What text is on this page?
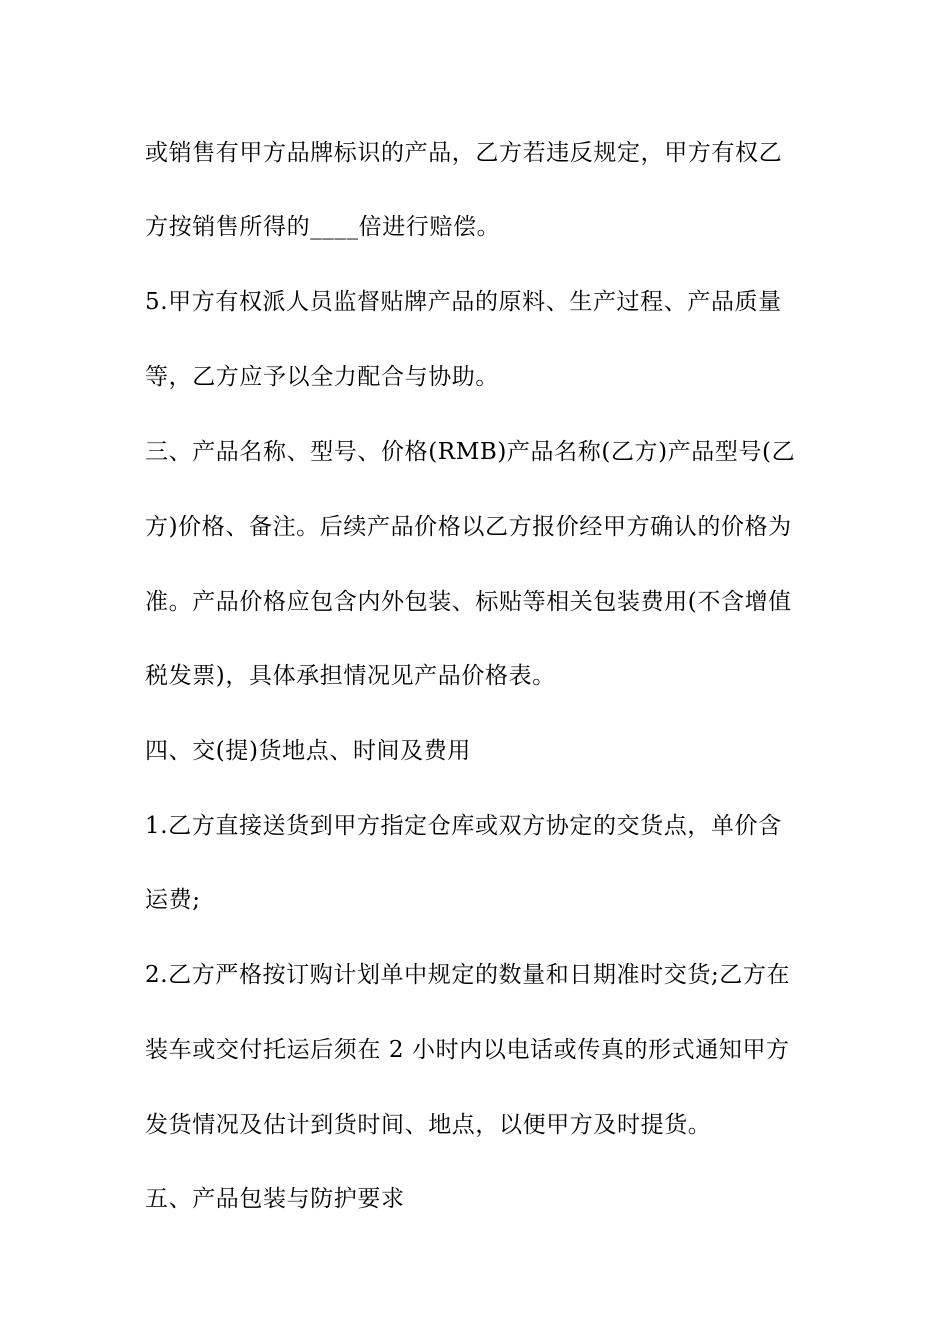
或销售有甲方品牌标识的产品，乙方若违反规定，甲方有权乙
方按销售所得的____倍进行赔偿。
5.甲方有权派人员监督贴牌产品的原料、生产过程、产品质量
等，乙方应予以全力配合与协助。
三、产品名称、型号、价格(RMB)产品名称(乙方)产品型号(乙
方)价格、备注。后续产品价格以乙方报价经甲方确认的价格为
准。产品价格应包含内外包装、标贴等相关包装费用(不含增值
税发票)，具体承担情况见产品价格表。
四、交(提)货地点、时间及费用
1.乙方直接送货到甲方指定仓库或双方协定的交货点，单价含
运费;
2.乙方严格按订购计划单中规定的数量和日期准时交货;乙方在
装车或交付托运后须在 2 小时内以电话或传真的形式通知甲方
发货情况及估计到货时间、地点，以便甲方及时提货。
五、产品包装与防护要求
